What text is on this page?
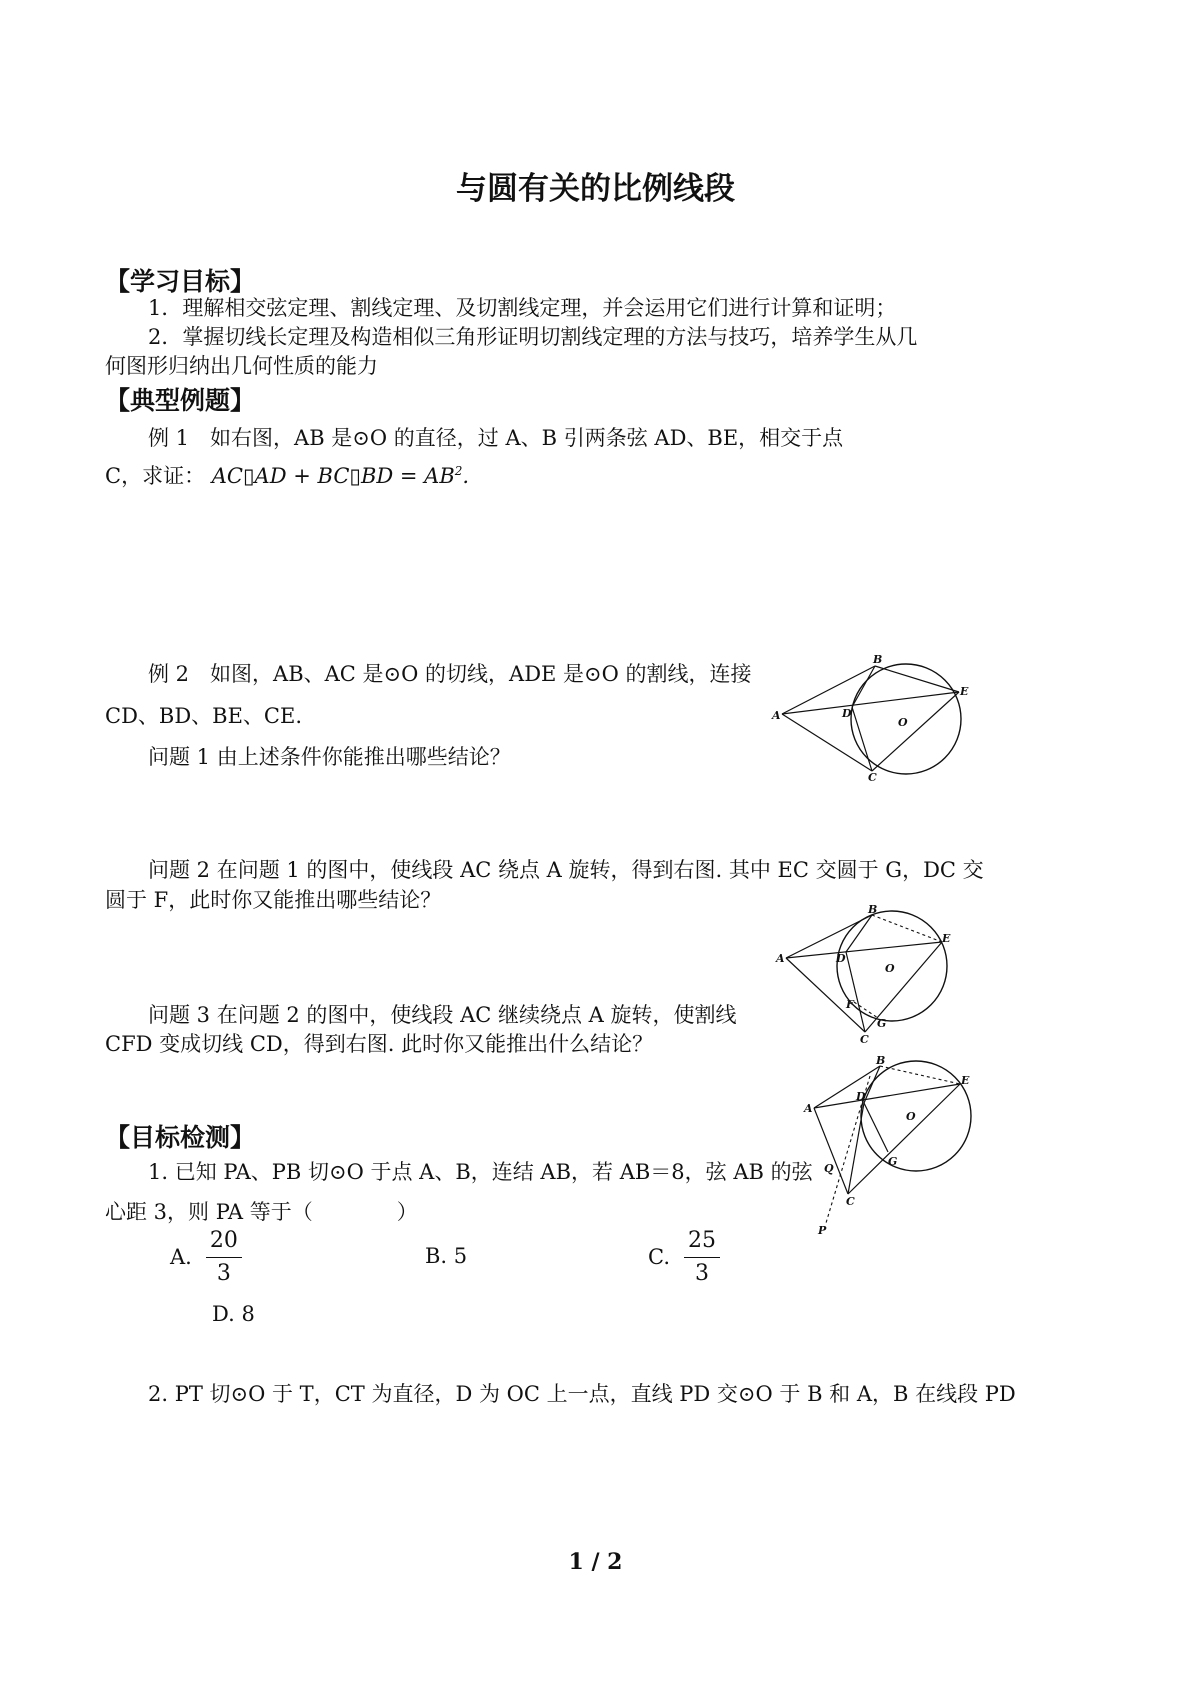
与圆有关的比例线段
【学习目标】
1．理解相交弦定理、割线定理、及切割线定理，并会运用它们进行计算和证明；
2．掌握切线长定理及构造相似三角形证明切割线定理的方法与技巧，培养学生从几
何图形归纳出几何性质的能力
【典型例题】
例 1　如右图，AB 是⊙O 的直径，过 A、B 引两条弦 AD、BE，相交于点
C，求证： AC▯AD + BC▯BD = $AB^2$.
例 2　如图，AB、AC 是⊙O 的切线，ADE 是⊙O 的割线，连接
CD、BD、BE、CE.
问题 1 由上述条件你能推出哪些结论？
A
B
C
D
E
O
问题 2 在问题 1 的图中，使线段 AC 绕点 A 旋转，得到右图. 其中 EC 交圆于 G，DC 交
圆于 F，此时你又能推出哪些结论？
A
B
C
D
E
F
G
O
问题 3 在问题 2 的图中，使线段 AC 继续绕点 A 旋转，使割线
CFD 变成切线 CD，得到右图. 此时你又能推出什么结论？
A
B
C
D
E
G
O
Q
P
【目标检测】
1. 已知 PA、PB 切⊙O 于点 A、B，连结 AB，若 AB＝8，弦 AB 的弦
心距 3，则 PA 等于（　　　　）
A. $\frac{20}{3}$	B. 5	C. $\frac{25}{3}$
D. 8
2. PT 切⊙O 于 T，CT 为直径，D 为 OC 上一点，直线 PD 交⊙O 于 B 和 A，B 在线段 PD
1 / 2
